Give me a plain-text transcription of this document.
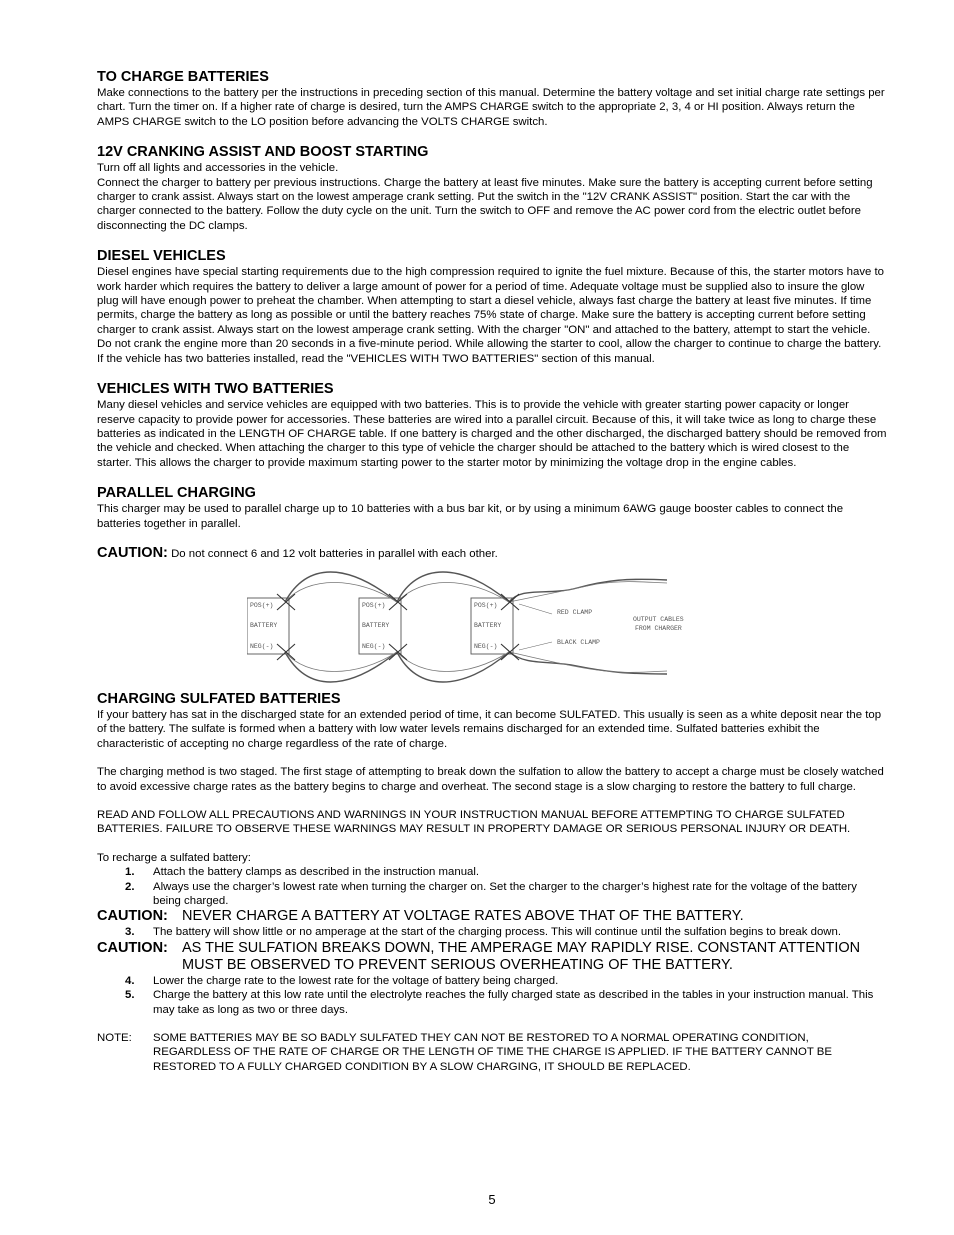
TO CHARGE BATTERIES

Make connections to the battery per the instructions in preceding section of this manual. Determine the battery voltage and set initial charge rate settings per chart. Turn the timer on. If a higher rate of charge is desired, turn the AMPS CHARGE switch to the appropriate 2, 3, 4 or HI position. Always return the AMPS CHARGE switch to the LO position before advancing the VOLTS CHARGE switch.

12V CRANKING ASSIST AND BOOST STARTING

Turn off all lights and accessories in the vehicle.

Connect the charger to battery per previous instructions. Charge the battery at least five minutes. Make sure the battery is accepting current before setting charger to crank assist. Always start on the lowest amperage crank setting. Put the switch in the "12V CRANK ASSIST" position. Start the car with the charger connected to the battery. Follow the duty cycle on the unit. Turn the switch to OFF and remove the AC power cord from the electric outlet before disconnecting the DC clamps.

DIESEL VEHICLES

Diesel engines have special starting requirements due to the high compression required to ignite the fuel mixture. Because of this, the starter motors have to work harder which requires the battery to deliver a large amount of power for a period of time. Adequate voltage must be supplied also to insure the glow plug will have enough power to preheat the chamber. When attempting to start a diesel vehicle, always fast charge the battery at least five minutes. If time permits, charge the battery as long as possible or until the battery reaches 75% state of charge. Make sure the battery is accepting current before setting charger to crank assist. Always start on the lowest amperage crank setting. With the charger "ON" and attached to the battery, attempt to start the vehicle. Do not crank the engine more than 20 seconds in a five-minute period. While allowing the starter to cool, allow the charger to continue to charge the battery.

If the vehicle has two batteries installed, read the "VEHICLES WITH TWO BATTERIES" section of this manual.

VEHICLES WITH TWO BATTERIES

Many diesel vehicles and service vehicles are equipped with two batteries. This is to provide the vehicle with greater starting power capacity or longer reserve capacity to provide power for accessories. These batteries are wired into a parallel circuit. Because of this, it will take twice as long to charge these batteries as indicated in the LENGTH OF CHARGE table. If one battery is charged and the other discharged, the discharged battery should be removed from the vehicle and checked. When attaching the charger to this type of vehicle the charger should be attached to the battery which is wired closest to the starter. This allows the charger to provide maximum starting power to the starter motor by minimizing the voltage drop in the engine cables.

PARALLEL CHARGING

This charger may be used to parallel charge up to 10 batteries with a bus bar kit, or by using a minimum 6AWG gauge booster cables to connect the batteries together in parallel.

CAUTION: Do not connect 6 and 12 volt batteries in parallel with each other.
POS(+)
BATTERY
NEG(-)
POS(+)
BATTERY
NEG(-)
POS(+)
BATTERY
NEG(-)
RED CLAMP
BLACK CLAMP
OUTPUT CABLES
FROM CHARGER

CHARGING SULFATED BATTERIES

If your battery has sat in the discharged state for an extended period of time, it can become SULFATED. This usually is seen as a white deposit near the top of the battery. The sulfate is formed when a battery with low water levels remains discharged for an extended time. Sulfated batteries exhibit the characteristic of accepting no charge regardless of the rate of charge.

The charging method is two staged. The first stage of attempting to break down the sulfation to allow the battery to accept a charge must be closely watched to avoid excessive charge rates as the battery begins to charge and overheat. The second stage is a slow charging to restore the battery to full charge.

READ AND FOLLOW ALL PRECAUTIONS AND WARNINGS IN YOUR INSTRUCTION MANUAL BEFORE ATTEMPTING TO CHARGE SULFATED BATTERIES. FAILURE TO OBSERVE THESE WARNINGS MAY RESULT IN PROPERTY DAMAGE OR SERIOUS PERSONAL INJURY OR DEATH.

To recharge a sulfated battery:

1.	Attach the battery clamps as described in the instruction manual.
2.	Always use the charger’s lowest rate when turning the charger on. Set the charger to the charger’s highest rate for the voltage of the battery being charged.
CAUTION: NEVER CHARGE A BATTERY AT VOLTAGE RATES ABOVE THAT OF THE BATTERY.
3.	The battery will show little or no amperage at the start of the charging process. This will continue until the sulfation begins to break down.
CAUTION: AS THE SULFATION BREAKS DOWN, THE AMPERAGE MAY RAPIDLY RISE. CONSTANT ATTENTION MUST BE OBSERVED TO PREVENT SERIOUS OVERHEATING OF THE BATTERY.
4.	Lower the charge rate to the lowest rate for the voltage of battery being charged.
5.	Charge the battery at this low rate until the electrolyte reaches the fully charged state as described in the tables in your instruction manual. This may take as long as two or three days.
NOTE:	SOME BATTERIES MAY BE SO BADLY SULFATED THEY CAN NOT BE RESTORED TO A NORMAL OPERATING CONDITION, REGARDLESS OF THE RATE OF CHARGE OR THE LENGTH OF TIME THE CHARGE IS APPLIED. IF THE BATTERY CANNOT BE RESTORED TO A FULLY CHARGED CONDITION BY A SLOW CHARGING, IT SHOULD BE REPLACED.
5
